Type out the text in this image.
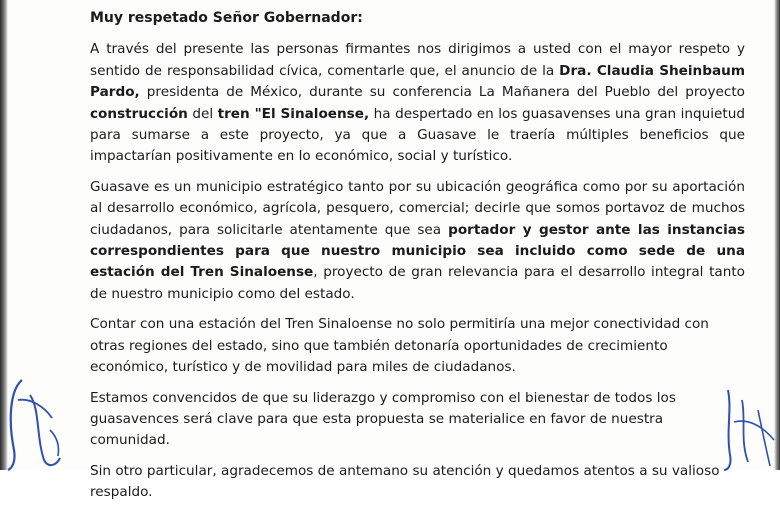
Muy respetado Señor Gobernador:

A través del presente las personas firmantes nos dirigimos a usted con el mayor respeto y sentido de responsabilidad cívica, comentarle que, el anuncio de la Dra. Claudia Sheinbaum Pardo, presidenta de México, durante su conferencia La Mañanera del Pueblo del proyecto construcción del tren "El Sinaloense, ha despertado en los guasavenses una gran inquietud para sumarse a este proyecto, ya que a Guasave le traería múltiples beneficios que impactarían positivamente en lo económico, social y turístico.

Guasave es un municipio estratégico tanto por su ubicación geográfica como por su aportación al desarrollo económico, agrícola, pesquero, comercial; decirle que somos portavoz de muchos ciudadanos, para solicitarle atentamente que sea portador y gestor ante las instancias correspondientes para que nuestro municipio sea incluido como sede de una estación del Tren Sinaloense, proyecto de gran relevancia para el desarrollo integral tanto de nuestro municipio como del estado.

Contar con una estación del Tren Sinaloense no solo permitiría una mejor conectividad con otras regiones del estado, sino que también detonaría oportunidades de crecimiento económico, turístico y de movilidad para miles de ciudadanos.

Estamos convencidos de que su liderazgo y compromiso con el bienestar de todos los guasavences será clave para que esta propuesta se materialice en favor de nuestra comunidad.

Sin otro particular, agradecemos de antemano su atención y quedamos atentos a su valioso respaldo.
